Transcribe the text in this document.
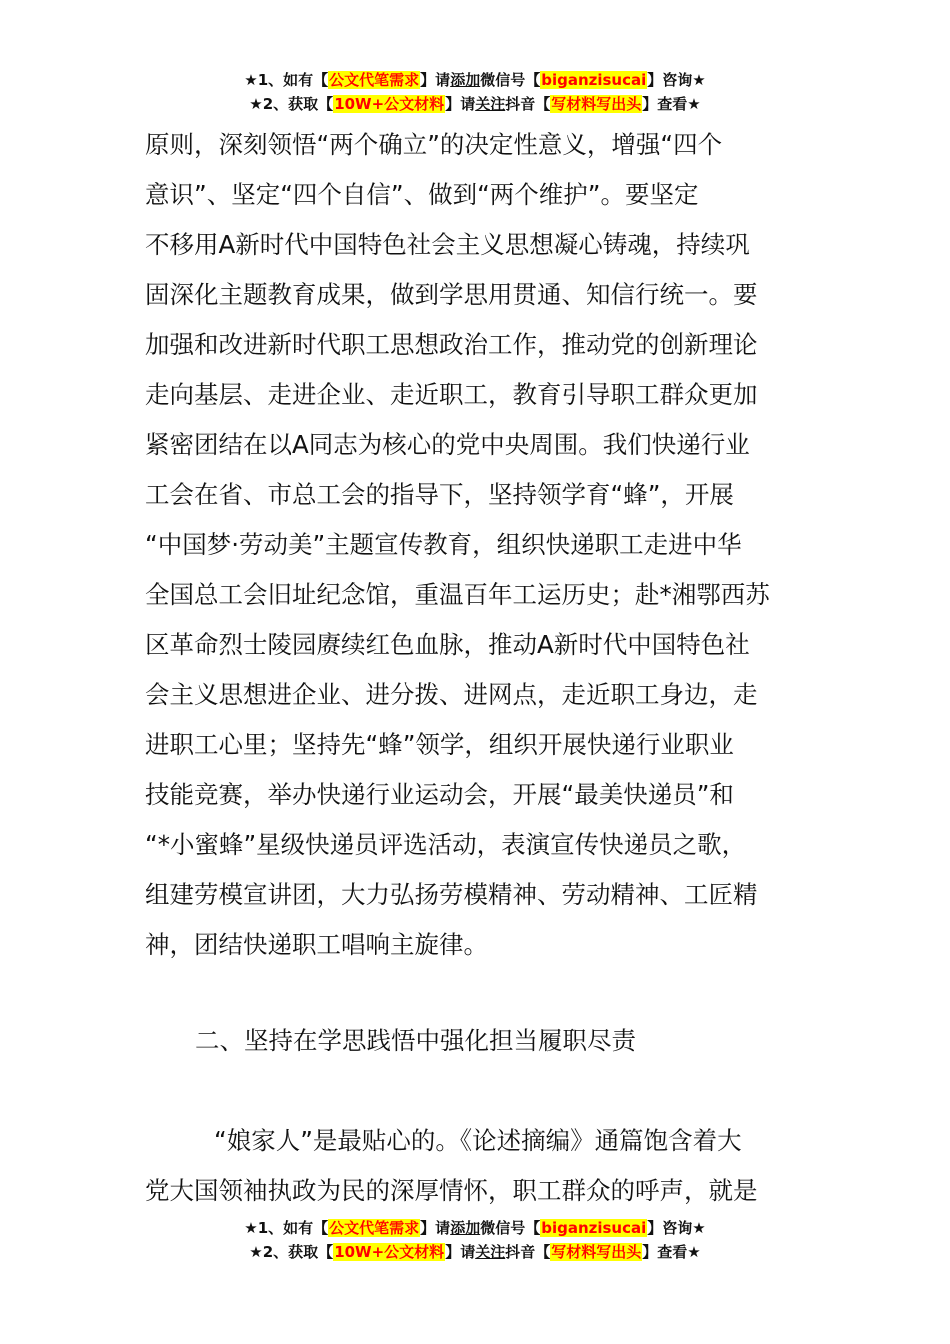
★1、如有【公文代笔需求】请添加微信号【biganzisucai】咨询★
★2、获取【10W+公文材料】请关注抖音【写材料写出头】查看★
原则，深刻领悟“两个确立”的决定性意义，增强“四个
意识”、坚定“四个自信”、做到“两个维护”。要坚定
不移用A新时代中国特色社会主义思想凝心铸魂，持续巩
固深化主题教育成果，做到学思用贯通、知信行统一。要
加强和改进新时代职工思想政治工作，推动党的创新理论
走向基层、走进企业、走近职工，教育引导职工群众更加
紧密团结在以A同志为核心的党中央周围。我们快递行业
工会在省、市总工会的指导下，坚持领学育“蜂”，开展
“中国梦·劳动美”主题宣传教育，组织快递职工走进中华
全国总工会旧址纪念馆，重温百年工运历史；赴*湘鄂西苏
区革命烈士陵园赓续红色血脉，推动A新时代中国特色社
会主义思想进企业、进分拨、进网点，走近职工身边，走
进职工心里；坚持先“蜂”领学，组织开展快递行业职业
技能竞赛，举办快递行业运动会，开展“最美快递员”和
“*小蜜蜂”星级快递员评选活动，表演宣传快递员之歌，
组建劳模宣讲团，大力弘扬劳模精神、劳动精神、工匠精
神，团结快递职工唱响主旋律。
二、坚持在学思践悟中强化担当履职尽责
“娘家人”是最贴心的。《论述摘编》通篇饱含着大
党大国领袖执政为民的深厚情怀，职工群众的呼声，就是
★1、如有【公文代笔需求】请添加微信号【biganzisucai】咨询★
★2、获取【10W+公文材料】请关注抖音【写材料写出头】查看★
